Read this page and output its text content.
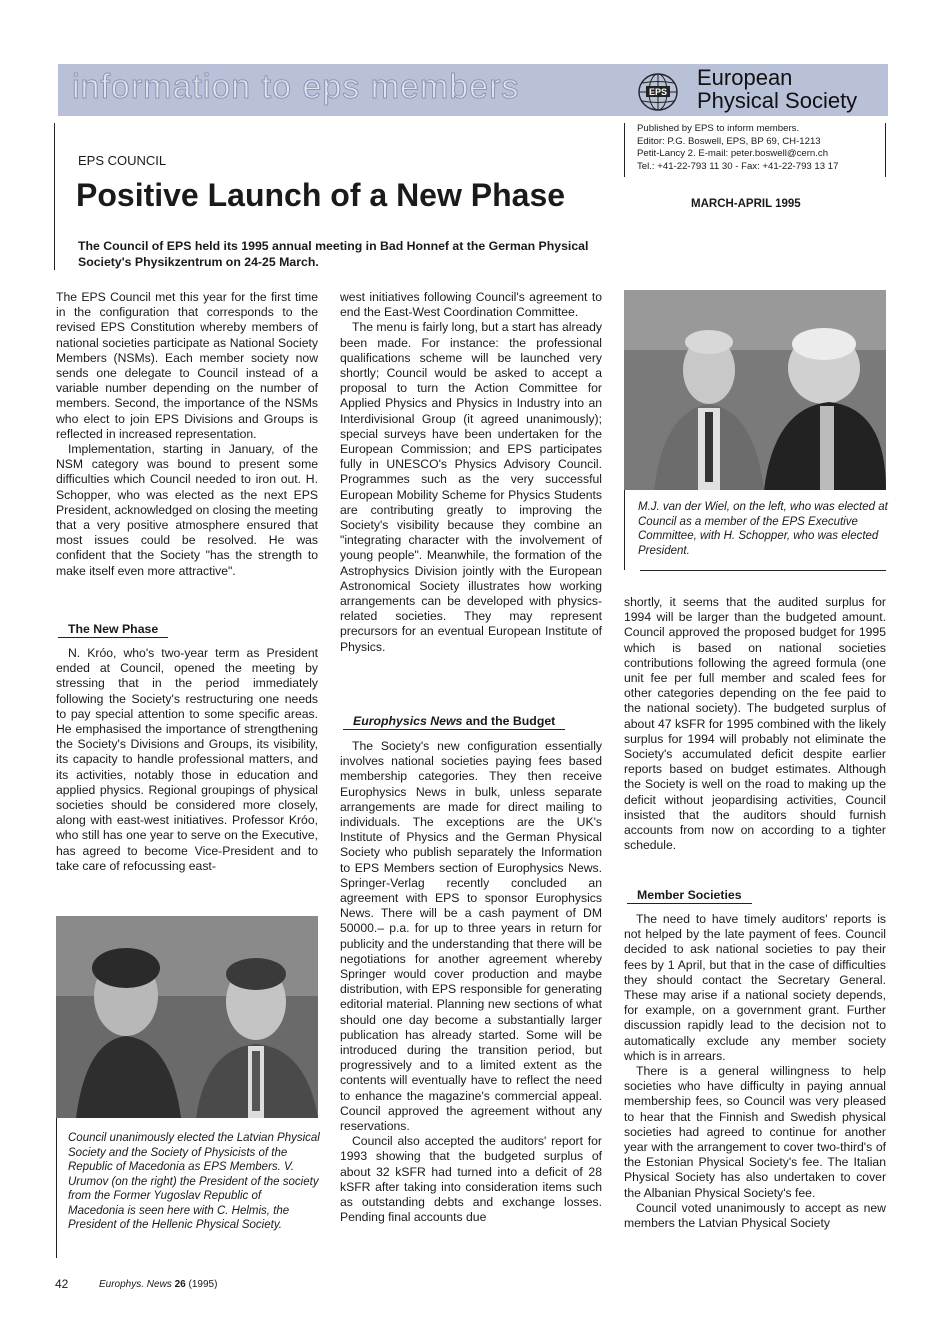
information to eps members	EPS
European
Physical Society
EPS COUNCIL
Positive Launch of a New Phase
The Council of EPS held its 1995 annual meeting in Bad Honnef at the German Physical Society's Physikzentrum on 24-25 March.
Published by EPS to inform members.
Editor: P.G. Boswell, EPS, BP 69, CH-1213
Petit-Lancy 2. E-mail: peter.boswell@cern.ch
Tel.: +41-22-793 11 30 - Fax: +41-22-793 13 17
MARCH-APRIL 1995

The EPS Council met this year for the first time in the configuration that corresponds to the revised EPS Constitution whereby members of national societies participate as National Society Members (NSMs). Each member society now sends one delegate to Council instead of a variable number depending on the number of members. Second, the importance of the NSMs who elect to join EPS Divisions and Groups is reflected in increased representation.

Implementation, starting in January, of the NSM category was bound to present some difficulties which Council needed to iron out. H. Schopper, who was elected as the next EPS President, acknowledged on closing the meeting that a very positive atmosphere ensured that most issues could be resolved. He was confident that the Society "has the strength to make itself even more attractive".

The New Phase

N. Króo, who's two-year term as President ended at Council, opened the meeting by stressing that in the period immediately following the Society's restructuring one needs to pay special attention to some specific areas. He emphasised the importance of strengthening the Society's Divisions and Groups, its visibility, its capacity to handle professional matters, and its activities, notably those in education and applied physics. Regional groupings of physical societies should be considered more closely, along with east-west initiatives. Professor Króo, who still has one year to serve on the Executive, has agreed to become Vice-President and to take care of refocussing east-

Council unanimously elected the Latvian Physical Society and the Society of Physicists of the Republic of Macedonia as EPS Members. V. Urumov (on the right) the President of the society from the Former Yugoslav Republic of Macedonia is seen here with C. Helmis, the President of the Hellenic Physical Society.

west initiatives following Council's agreement to end the East-West Coordination Committee.

The menu is fairly long, but a start has already been made. For instance: the professional qualifications scheme will be launched very shortly; Council would be asked to accept a proposal to turn the Action Committee for Applied Physics and Physics in Industry into an Interdivisional Group (it agreed unanimously); special surveys have been undertaken for the European Commission; and EPS participates fully in UNESCO's Physics Advisory Council. Programmes such as the very successful European Mobility Scheme for Physics Students are contributing greatly to improving the Society's visibility because they combine an "integrating character with the involvement of young people". Meanwhile, the formation of the Astrophysics Division jointly with the European Astronomical Society illustrates how working arrangements can be developed with physics-related societies. They may represent precursors for an eventual European Institute of Physics.

Europhysics News and the Budget

The Society's new configuration essentially involves national societies paying fees based membership categories. They then receive Europhysics News in bulk, unless separate arrangements are made for direct mailing to individuals. The exceptions are the UK's Institute of Physics and the German Physical Society who publish separately the Information to EPS Members section of Europhysics News. Springer-Verlag recently concluded an agreement with EPS to sponsor Europhysics News. There will be a cash payment of DM 50000.– p.a. for up to three years in return for publicity and the understanding that there will be negotiations for another agreement whereby Springer would cover production and maybe distribution, with EPS responsible for generating editorial material. Planning new sections of what should one day become a substantially larger publication has already started. Some will be introduced during the transition period, but progressively and to a limited extent as the contents will eventually have to reflect the need to enhance the magazine's commercial appeal. Council approved the agreement without any reservations.

Council also accepted the auditors' report for 1993 showing that the budgeted surplus of about 32 kSFR had turned into a deficit of 28 kSFR after taking into consideration items such as outstanding debts and exchange losses. Pending final accounts due

M.J. van der Wiel, on the left, who was elected at Council as a member of the EPS Executive Committee, with H. Schopper, who was elected President.

shortly, it seems that the audited surplus for 1994 will be larger than the budgeted amount. Council approved the proposed budget for 1995 which is based on national societies contributions following the agreed formula (one unit fee per full member and scaled fees for other categories depending on the fee paid to the national society). The budgeted surplus of about 47 kSFR for 1995 combined with the likely surplus for 1994 will probably not eliminate the Society's accumulated deficit despite earlier reports based on budget estimates. Although the Society is well on the road to making up the deficit without jeopardising activities, Council insisted that the auditors should furnish accounts from now on according to a tighter schedule.

Member Societies

The need to have timely auditors' reports is not helped by the late payment of fees. Council decided to ask national societies to pay their fees by 1 April, but that in the case of difficulties they should contact the Secretary General. These may arise if a national society depends, for example, on a government grant. Further discussion rapidly lead to the decision not to automatically exclude any member society which is in arrears.

There is a general willingness to help societies who have difficulty in paying annual membership fees, so Council was very pleased to hear that the Finnish and Swedish physical societies had agreed to continue for another year with the arrangement to cover two-third's of the Estonian Physical Society's fee. The Italian Physical Society has also undertaken to cover the Albanian Physical Society's fee.

Council voted unanimously to accept as new members the Latvian Physical Society

42	Europhys. News 26 (1995)
